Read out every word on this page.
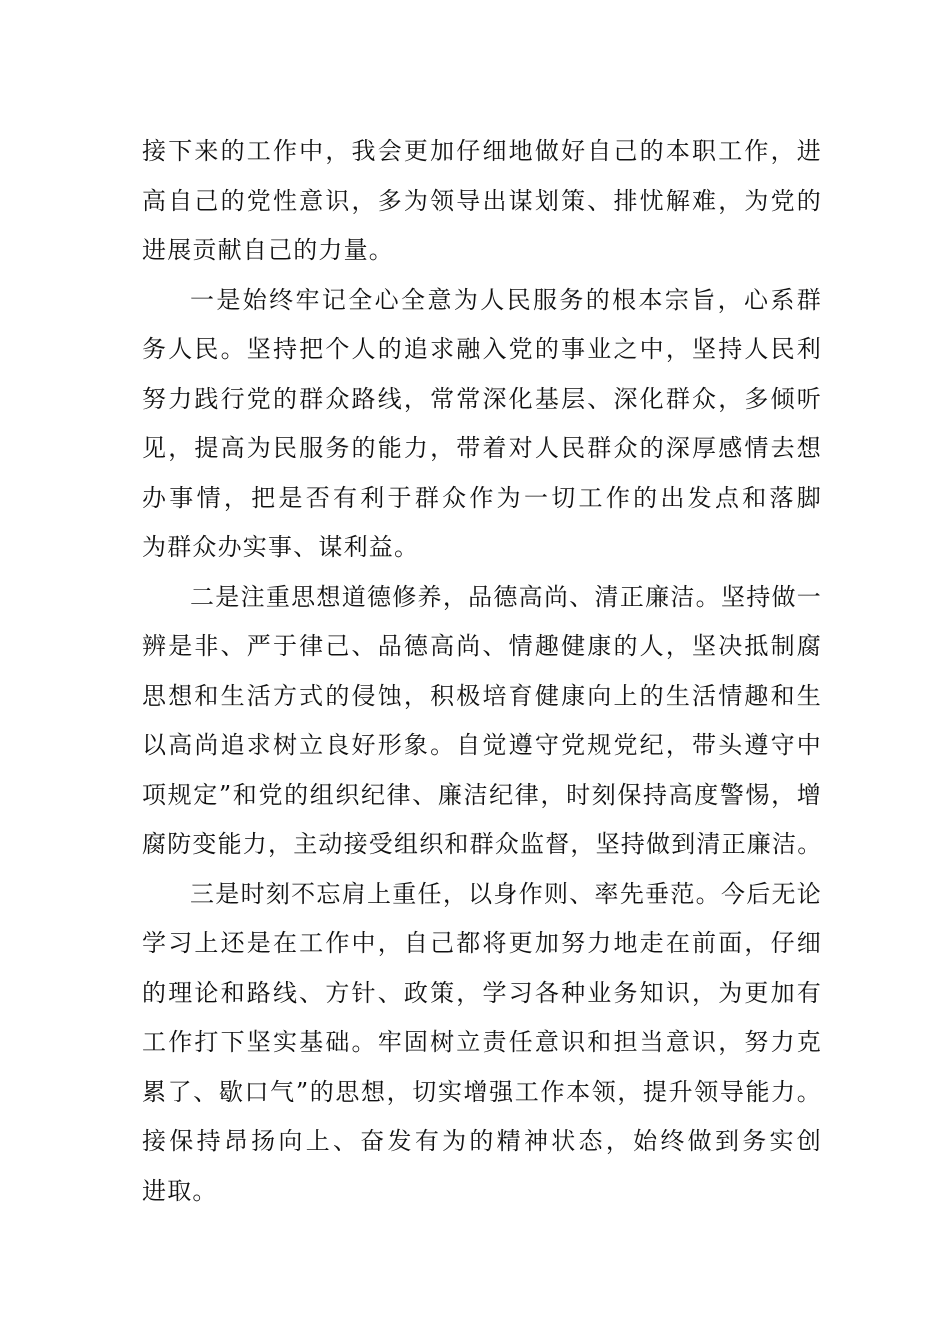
接下来的工作中，我会更加仔细地做好自己的本职工作，进
高自己的党性意识，多为领导出谋划策、排忧解难，为党的
进展贡献自己的力量。
一是始终牢记全心全意为人民服务的根本宗旨，心系群
务人民。坚持把个人的追求融入党的事业之中，坚持人民利
努力践行党的群众路线，常常深化基层、深化群众，多倾听
见，提高为民服务的能力，带着对人民群众的深厚感情去想
办事情，把是否有利于群众作为一切工作的出发点和落脚
为群众办实事、谋利益。
二是注重思想道德修养，品德高尚、清正廉洁。坚持做一
辨是非、严于律己、品德高尚、情趣健康的人，坚决抵制腐
思想和生活方式的侵蚀，积极培育健康向上的生活情趣和生
以高尚追求树立良好形象。自觉遵守党规党纪，带头遵守中
项规定”和党的组织纪律、廉洁纪律，时刻保持高度警惕，增
腐防变能力，主动接受组织和群众监督，坚持做到清正廉洁。
三是时刻不忘肩上重任，以身作则、率先垂范。今后无论
学习上还是在工作中，自己都将更加努力地走在前面，仔细
的理论和路线、方针、政策，学习各种业务知识，为更加有
工作打下坚实基础。牢固树立责任意识和担当意识，努力克
累了、歇口气”的思想，切实增强工作本领，提升领导能力。
接保持昂扬向上、奋发有为的精神状态，始终做到务实创
进取。
